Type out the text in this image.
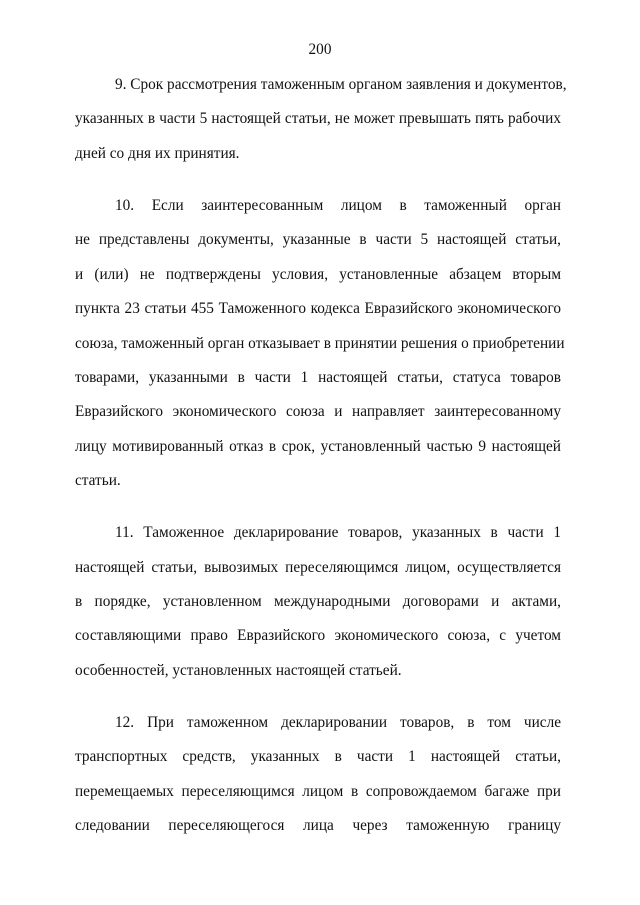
200
9. Срок рассмотрения таможенным органом заявления и документов,
указанных в части 5 настоящей статьи, не может превышать пять рабочих
дней со дня их принятия.
10. Если заинтересованным лицом в таможенный орган
не представлены документы, указанные в части 5 настоящей статьи,
и (или) не подтверждены условия, установленные абзацем вторым
пункта 23 статьи 455 Таможенного кодекса Евразийского экономического
союза, таможенный орган отказывает в принятии решения о приобретении
товарами, указанными в части 1 настоящей статьи, статуса товаров
Евразийского экономического союза и направляет заинтересованному
лицу мотивированный отказ в срок, установленный частью 9 настоящей
статьи.
11. Таможенное декларирование товаров, указанных в части 1
настоящей статьи, вывозимых переселяющимся лицом, осуществляется
в порядке, установленном международными договорами и актами,
составляющими право Евразийского экономического союза, с учетом
особенностей, установленных настоящей статьей.
12. При таможенном декларировании товаров, в том числе
транспортных средств, указанных в части 1 настоящей статьи,
перемещаемых переселяющимся лицом в сопровождаемом багаже при
следовании переселяющегося лица через таможенную границу
